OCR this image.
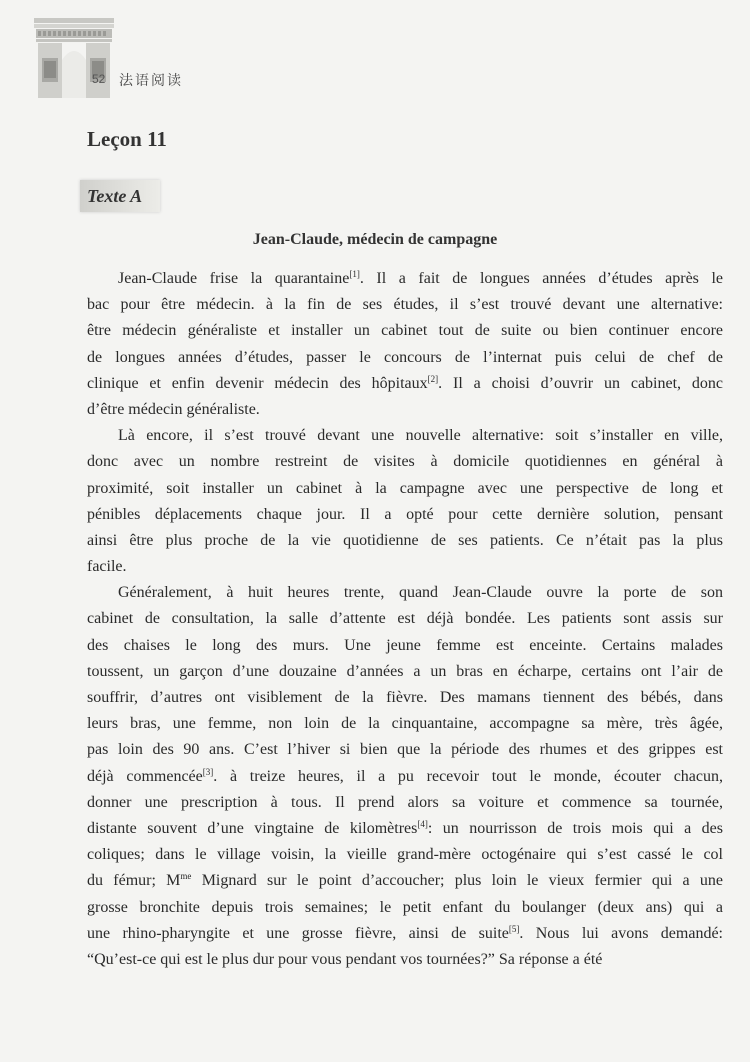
52 法语阅读
Leçon 11
Texte A
Jean-Claude, médecin de campagne
Jean-Claude frise la quarantaine[1]. Il a fait de longues années d’études après le
bac pour être médecin. à la fin de ses études, il s’est trouvé devant une alternative:
être médecin généraliste et installer un cabinet tout de suite ou bien continuer encore
de longues années d’études, passer le concours de l’internat puis celui de chef de
clinique et enfin devenir médecin des hôpitaux[2]. Il a choisi d’ouvrir un cabinet, donc
d’être médecin généraliste.
Là encore, il s’est trouvé devant une nouvelle alternative: soit s’installer en ville,
donc avec un nombre restreint de visites à domicile quotidiennes en général à
proximité, soit installer un cabinet à la campagne avec une perspective de long et
pénibles déplacements chaque jour. Il a opté pour cette dernière solution, pensant
ainsi être plus proche de la vie quotidienne de ses patients. Ce n’était pas la plus
facile.
Généralement, à huit heures trente, quand Jean-Claude ouvre la porte de son
cabinet de consultation, la salle d’attente est déjà bondée. Les patients sont assis sur
des chaises le long des murs. Une jeune femme est enceinte. Certains malades
toussent, un garçon d’une douzaine d’années a un bras en écharpe, certains ont l’air de
souffrir, d’autres ont visiblement de la fièvre. Des mamans tiennent des bébés, dans
leurs bras, une femme, non loin de la cinquantaine, accompagne sa mère, très âgée,
pas loin des 90 ans. C’est l’hiver si bien que la période des rhumes et des grippes est
déjà commencée[3]. à treize heures, il a pu recevoir tout le monde, écouter chacun,
donner une prescription à tous. Il prend alors sa voiture et commence sa tournée,
distante souvent d’une vingtaine de kilomètres[4]: un nourrisson de trois mois qui a des
coliques; dans le village voisin, la vieille grand-mère octogénaire qui s’est cassé le col
du fémur; $M^{me}$ Mignard sur le point d’accoucher; plus loin le vieux fermier qui a une
grosse bronchite depuis trois semaines; le petit enfant du boulanger (deux ans) qui a
une rhino-pharyngite et une grosse fièvre, ainsi de suite[5]. Nous lui avons demandé:
“Qu’est-ce qui est le plus dur pour vous pendant vos tournées?” Sa réponse a été
